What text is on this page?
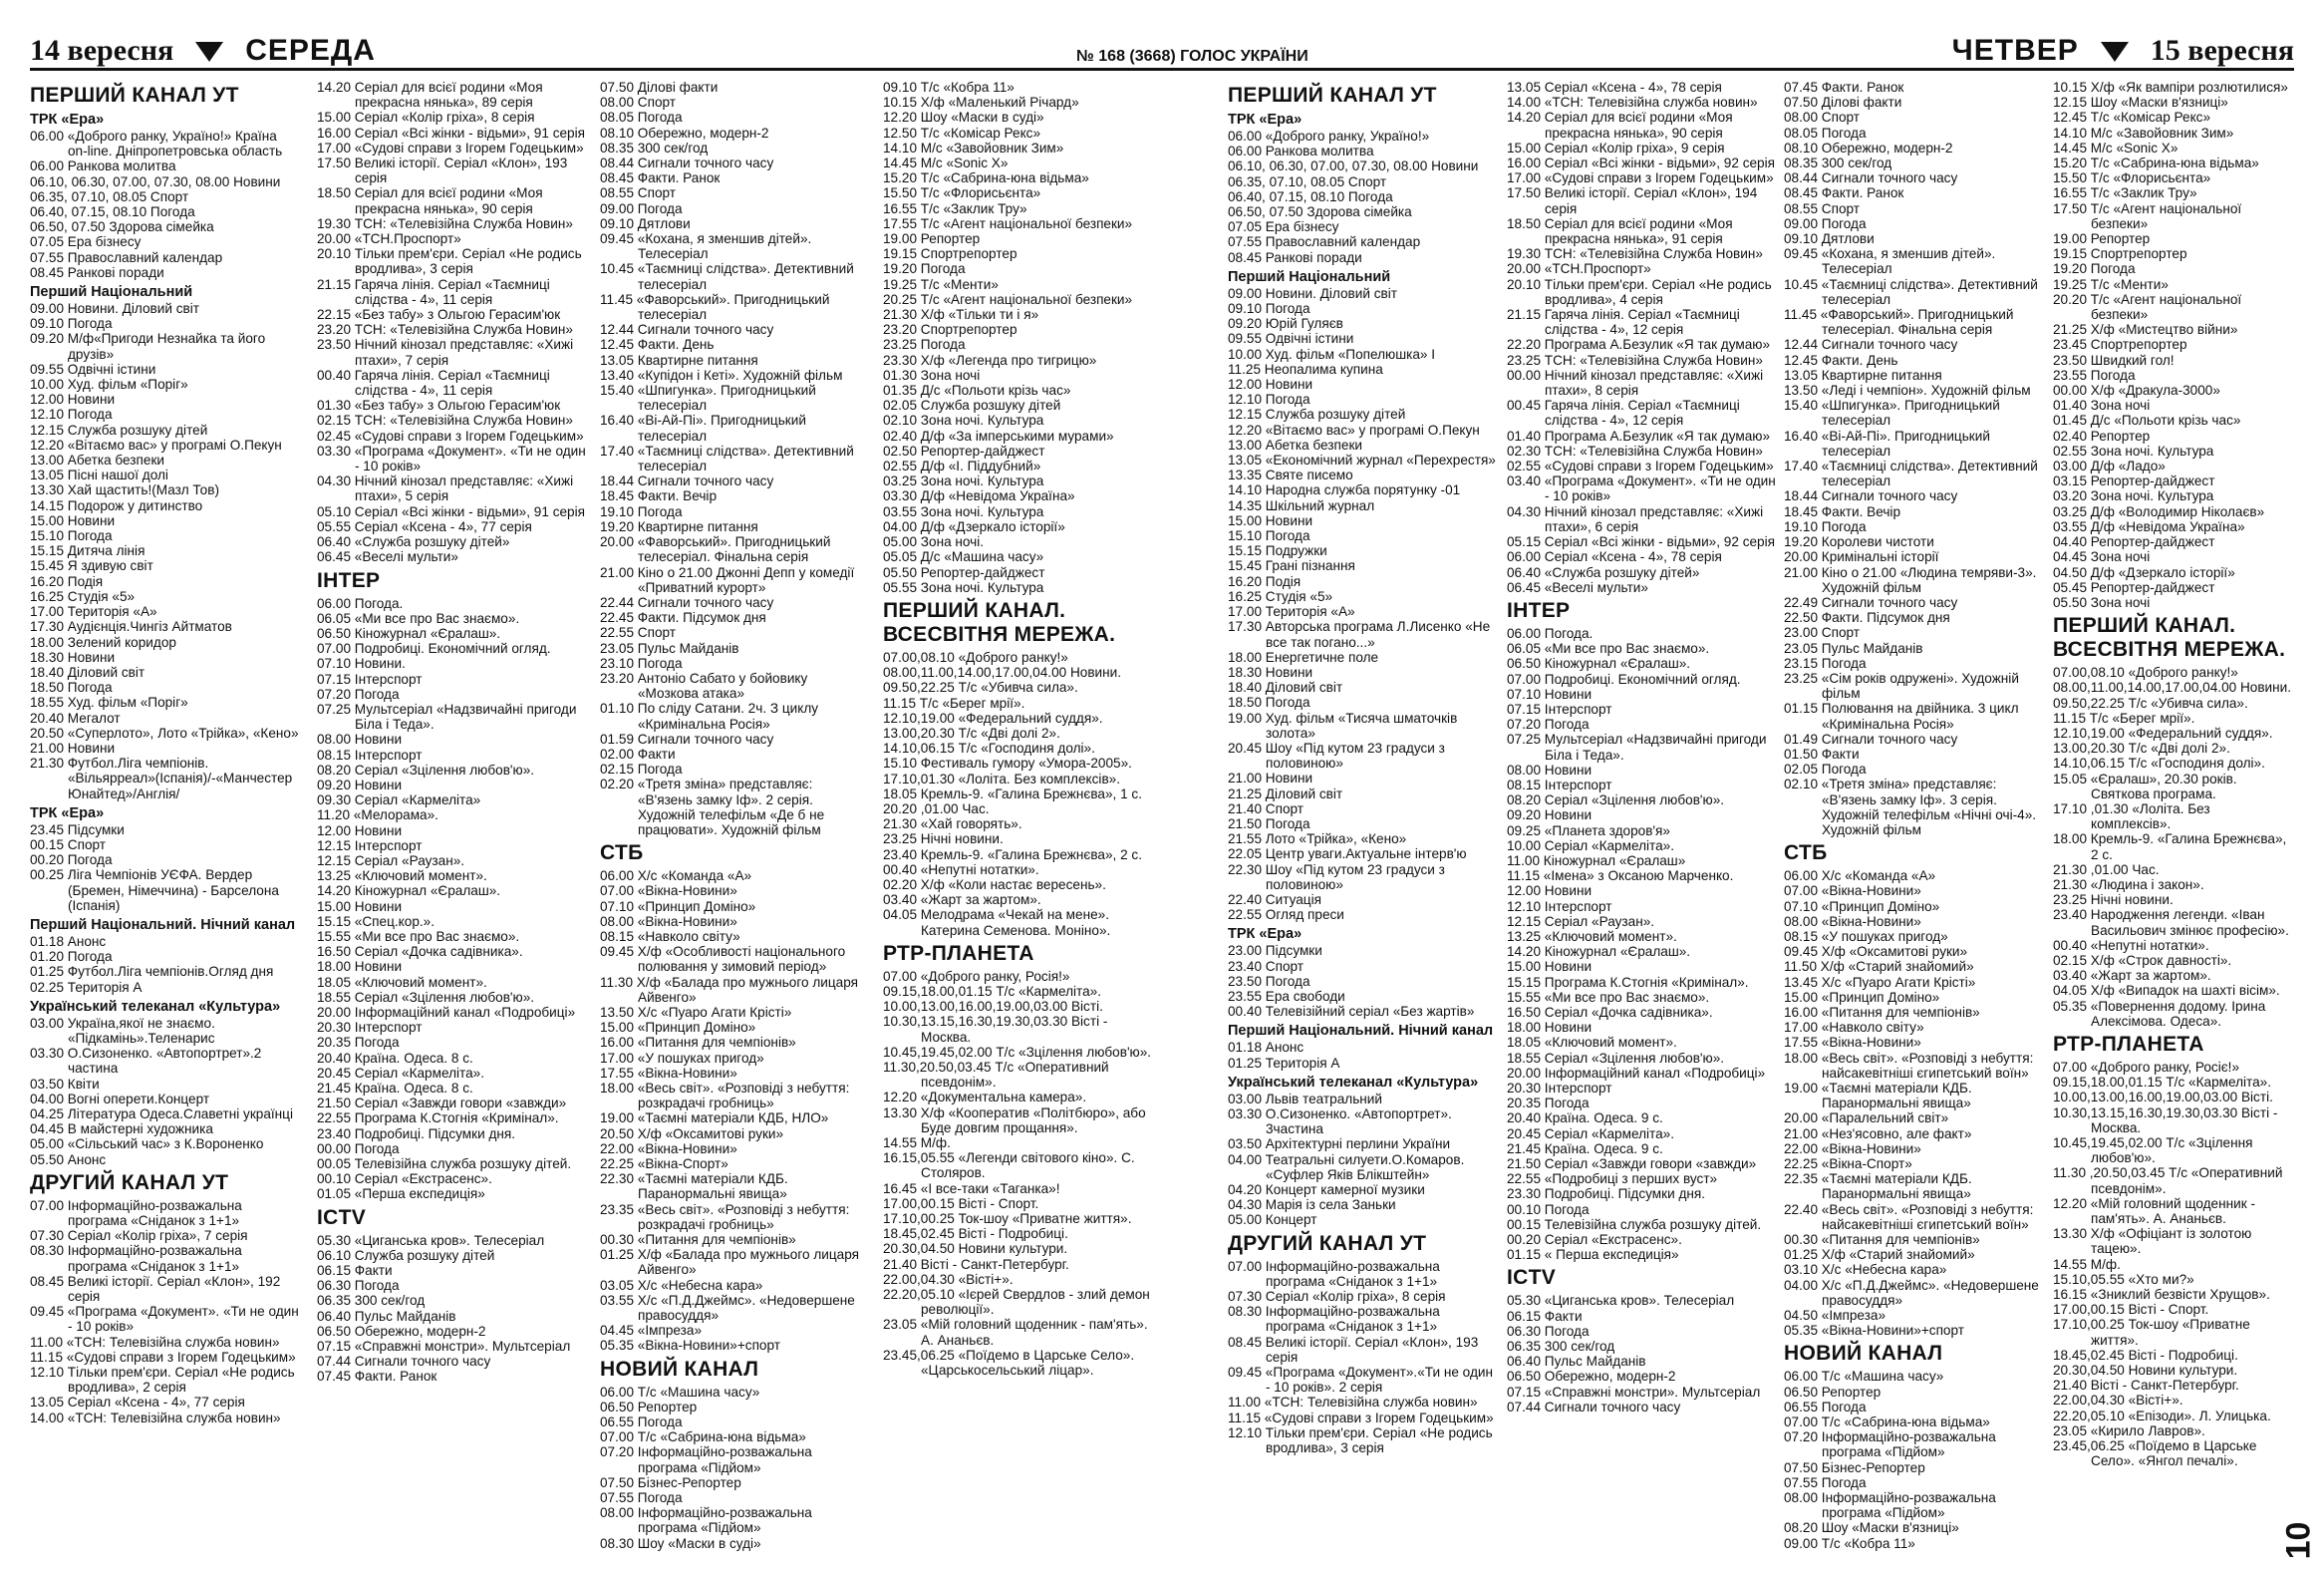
14 вересня СЕРЕДА	№ 168 (3668) ГОЛОС УКРАЇНИ	ЧЕТВЕР 15 вересня
ПЕРШИЙ КАНАЛ УТ
ТРК «Ера»
06.00 «Доброго ранку, Україно!» Країна on-line. Дніпропетровська область
06.00 Ранкова молитва
06.10, 06.30, 07.00, 07.30, 08.00 Новини
06.35, 07.10, 08.05 Спорт
06.40, 07.15, 08.10 Погода
06.50, 07.50 Здорова сімейка
07.05 Ера бізнесу
07.55 Православний календар
08.45 Ранкові поради
Перший Національний
09.00 Новини. Діловий світ
09.10 Погода
09.20 М/ф«Пригоди Незнайка та його друзів»
09.55 Одвічні істини
10.00 Худ. фільм «Поріг»
12.00 Новини
12.10 Погода
12.15 Служба розшуку дітей
12.20 «Вітаємо вас» у програмі О.Пекун
13.00 Абетка безпеки
13.05 Пісні нашої долі
13.30 Хай щастить!(Мазл Тов)
14.15 Подорож у дитинство
15.00 Новини
15.10 Погода
15.15 Дитяча лінія
15.45 Я здивую світ
16.20 Подія
16.25 Студія «5»
17.00 Територія «А»
17.30 Аудієнція.Чингіз Айтматов
18.00 Зелений коридор
18.30 Новини
18.40 Діловий світ
18.50 Погода
18.55 Худ. фільм «Поріг»
20.40 Мегалот
20.50 «Суперлото», Лото «Трійка», «Кено»
21.00 Новини
21.30 Футбол.Ліга чемпіонів. «Вільярреал»(Іспанія)/-«Манчестер Юнайтед»/Англія/
ТРК «Ера»
23.45 Підсумки
00.15 Спорт
00.20 Погода
00.25 Ліга Чемпіонів УЄФА. Вердер (Бремен, Німеччина) - Барселона (Іспанія)
Перший Національний. Нічний канал
01.18 Анонс
01.20 Погода
01.25 Футбол.Ліга чемпіонів.Огляд дня
02.25 Територія А
Український телеканал «Культура»
03.00 Україна,якої не знаємо. «Підкамінь».Теленарис
03.30 О.Сизоненко. «Автопортрет».2 частина
03.50 Квіти
04.00 Вогні оперети.Концерт
04.25 Література Одеса.Славетні українці
04.45 В майстерні художника
05.00 «Сільський час» з К.Вороненко
05.50 Анонс
ДРУГИЙ КАНАЛ УТ
07.00 Інформаційно-розважальна програма «Сніданок з 1+1»
07.30 Серіал «Колір гріха», 7 серія
08.30 Інформаційно-розважальна програма «Сніданок з 1+1»
08.45 Великі історії. Серіал «Клон», 192 серія
09.45 «Програма «Документ». «Ти не один - 10 років»
11.00 «ТСН: Телевізійна служба новин»
11.15 «Судові справи з Ігорем Годецьким»
12.10 Тільки прем'єри. Серіал «Не родись вродлива», 2 серія
13.05 Серіал «Ксена - 4», 77 серія
14.00 «ТСН: Телевізійна служба новин»
14.20 Серіал для всієї родини «Моя прекрасна нянька», 89 серія
15.00 Серіал «Колір гріха», 8 серія
16.00 Серіал «Всі жінки - відьми», 91 серія
17.00 «Судові справи з Ігорем Годецьким»
17.50 Великі історії. Серіал «Клон», 193 серія
18.50 Серіал для всієї родини «Моя прекрасна нянька», 90 серія
19.30 ТСН: «Телевізійна Служба Новин»
20.00 «ТСН.Проспорт»
20.10 Тільки прем'єри. Серіал «Не родись вродлива», 3 серія
21.15 Гаряча лінія. Серіал «Таємниці слідства - 4», 11 серія
22.15 «Без табу» з Ольгою Герасим'юк
23.20 ТСН: «Телевізійна Служба Новин»
23.50 Нічний кінозал представляє: «Хижі птахи», 7 серія
00.40 Гаряча лінія. Серіал «Таємниці слідства - 4», 11 серія
01.30 «Без табу» з Ольгою Герасим'юк
02.15 ТСН: «Телевізійна Служба Новин»
02.45 «Судові справи з Ігорем Годецьким»
03.30 «Програма «Документ». «Ти не один - 10 років»
04.30 Нічний кінозал представляє: «Хижі птахи», 5 серія
05.10 Серіал «Всі жінки - відьми», 91 серія
05.55 Серіал «Ксена - 4», 77 серія
06.40 «Служба розшуку дітей»
06.45 «Веселі мульти»
ІНТЕР
06.00 Погода.
06.05 «Ми все про Вас знаємо».
06.50 Кіножурнал «Єралаш».
07.00 Подробиці. Економічний огляд.
07.10 Новини.
07.15 Інтерспорт
07.20 Погода
07.25 Мультсеріал «Надзвичайні пригоди Біла і Теда».
08.00 Новини
08.15 Інтерспорт
08.20 Серіал «Зцілення любов'ю».
09.20 Новини
09.30 Серіал «Кармеліта»
11.20 «Мелорама».
12.00 Новини
12.15 Інтерспорт
12.15 Серіал «Раузан».
13.25 «Ключовий момент».
14.20 Кіножурнал «Єралаш».
15.00 Новини
15.15 «Спец.кор.».
15.55 «Ми все про Вас знаємо».
16.50 Серіал «Дочка садівника».
18.00 Новини
18.05 «Ключовий момент».
18.55 Серіал «Зцілення любов'ю».
20.00 Інформаційний канал «Подробиці»
20.30 Інтерспорт
20.35 Погода
20.40 Країна. Одеса. 8 с.
20.45 Серіал «Кармеліта».
21.45 Країна. Одеса. 8 с.
21.50 Серіал «Завжди говори «завжди»
22.55 Програма К.Стогнія «Кримінал».
23.40 Подробиці. Підсумки дня.
00.00 Погода
00.05 Телевізійна служба розшуку дітей.
00.10 Серіал «Екстрасенс».
01.05 «Перша експедиція»
ICTV
05.30 «Циганська кров». Телесеріал
06.10 Служба розшуку дітей
06.15 Факти
06.30 Погода
06.35 300 сек/год
06.40 Пульс Майданів
06.50 Обережно, модерн-2
07.15 «Справжні монстри». Мультсеріал
07.44 Сигнали точного часу
07.45 Факти. Ранок
07.50 Ділові факти
08.00 Спорт
08.05 Погода
08.10 Обережно, модерн-2
08.35 300 сек/год
08.44 Сигнали точного часу
08.45 Факти. Ранок
08.55 Спорт
09.00 Погода
09.10 Дятлови
09.45 «Кохана, я зменшив дітей». Телесеріал
10.45 «Таємниці слідства». Детективний телесеріал
11.45 «Фаворський». Пригодницький телесеріал
12.44 Сигнали точного часу
12.45 Факти. День
13.05 Квартирне питання
13.40 «Купідон і Кеті». Художній фільм
15.40 «Шпигунка». Пригодницький телесеріал
16.40 «Ві-Ай-Пі». Пригодницький телесеріал
17.40 «Таємниці слідства». Детективний телесеріал
18.44 Сигнали точного часу
18.45 Факти. Вечір
19.10 Погода
19.20 Квартирне питання
20.00 «Фаворський». Пригодницький телесеріал. Фінальна серія
21.00 Кіно о 21.00 Джонні Депп у комедії «Приватний курорт»
22.44 Сигнали точного часу
22.45 Факти. Підсумок дня
22.55 Спорт
23.05 Пульс Майданів
23.10 Погода
23.20 Антоніо Сабато у бойовику «Мозкова атака»
01.10 По сліду Сатани. 2ч. З циклу «Кримінальна Росія»
01.59 Сигнали точного часу
02.00 Факти
02.15 Погода
02.20 «Третя зміна» представляє: «В'язень замку Іф». 2 серія. Художній телефільм «Де б не працювати». Художній фільм
СТБ
06.00 Х/с «Команда «А»
07.00 «Вікна-Новини»
07.10 «Принцип Доміно»
08.00 «Вікна-Новини»
08.15 «Навколо світу»
09.45 Х/ф «Особливості національного полювання у зимовий період»
11.30 Х/ф «Балада про мужнього лицаря Айвенго»
13.50 Х/с «Пуаро Агати Крісті»
15.00 «Принцип Доміно»
16.00 «Питання для чемпіонів»
17.00 «У пошуках пригод»
17.55 «Вікна-Новини»
18.00 «Весь світ». «Розповіді з небуття: розкрадачі гробниць»
19.00 «Таємні матеріали КДБ, НЛО»
20.50 Х/ф «Оксамитові руки»
22.00 «Вікна-Новини»
22.25 «Вікна-Спорт»
22.30 «Таємні матеріали КДБ. Паранормальні явища»
23.35 «Весь світ». «Розповіді з небуття: розкрадачі гробниць»
00.30 «Питання для чемпіонів»
01.25 Х/ф «Балада про мужнього лицаря Айвенго»
03.05 Х/с «Небесна кара»
03.55 Х/с «П.Д.Джеймс». «Недовершене правосуддя»
04.45 «Імпреза»
05.35 «Вікна-Новини»+спорт
НОВИЙ КАНАЛ
06.00 Т/с «Машина часу»
06.50 Репортер
06.55 Погода
07.00 Т/с «Сабрина-юна відьма»
07.20 Інформаційно-розважальна програма «Підйом»
07.50 Бізнес-Репортер
07.55 Погода
08.00 Інформаційно-розважальна програма «Підйом»
08.30 Шоу «Маски в суді»
09.10 Т/с «Кобра 11»
10.15 Х/ф «Маленький Річард»
12.20 Шоу «Маски в суді»
12.50 Т/с «Комісар Рекс»
14.10 М/с «Завойовник Зим»
14.45 М/с «Sonic X»
15.20 Т/с «Сабрина-юна відьма»
15.50 Т/с «Флорисьєнта»
16.55 Т/с «Заклик Тру»
17.55 Т/с «Агент національної безпеки»
19.00 Репортер
19.15 Спортрепортер
19.20 Погода
19.25 Т/с «Менти»
20.25 Т/с «Агент національної безпеки»
21.30 Х/ф «Тільки ти і я»
23.20 Спортрепортер
23.25 Погода
23.30 Х/ф «Легенда про тигрицю»
01.30 Зона ночі
01.35 Д/с «Польоти крізь час»
02.05 Служба розшуку дітей
02.10 Зона ночі. Культура
02.40 Д/ф «За імперськими мурами»
02.50 Репортер-дайджест
02.55 Д/ф «І. Піддубний»
03.25 Зона ночі. Культура
03.30 Д/ф «Невідома Україна»
03.55 Зона ночі. Культура
04.00 Д/ф «Дзеркало історії»
05.00 Зона ночі.
05.05 Д/с «Машина часу»
05.50 Репортер-дайджест
05.55 Зона ночі. Культура
ПЕРШИЙ КАНАЛ. ВСЕСВІТНЯ МЕРЕЖА.
07.00,08.10 «Доброго ранку!»
08.00,11.00,14.00,17.00,04.00 Новини.
09.50,22.25 Т/с «Убивча сила».
11.15 Т/с «Берег мрії».
12.10,19.00 «Федеральний суддя».
13.00,20.30 Т/с «Дві долі 2».
14.10,06.15 Т/с «Господиня долі».
15.10 Фестиваль гумору «Умора-2005».
17.10,01.30 «Лоліта. Без комплексів».
18.05 Кремль-9. «Галина Брежнєва», 1 с.
20.20 ,01.00 Час.
21.30 «Хай говорять».
23.25 Нічні новини.
23.40 Кремль-9. «Галина Брежнєва», 2 с.
00.40 «Непутні нотатки».
02.20 Х/ф «Коли настає вересень».
03.40 «Жарт за жартом».
04.05 Мелодрама «Чекай на мене». Катерина Семенова. Моніно».
РТР-ПЛАНЕТА
07.00 «Доброго ранку, Росія!»
09.15,18.00,01.15 Т/с «Кармеліта».
10.00,13.00,16.00,19.00,03.00 Вісті.
10.30,13.15,16.30,19.30,03.30 Вісті - Москва.
10.45,19.45,02.00 Т/с «Зцілення любов'ю».
11.30,20.50,03.45 Т/с «Оперативний псевдонім».
12.20 «Документальна камера».
13.30 Х/ф «Кооператив «Політбюро», або Буде довгим прощання».
14.55 М/ф.
16.15,05.55 «Легенди світового кіно». С. Столяров.
16.45 «І все-таки «Таганка»!
17.00,00.15 Вісті - Спорт.
17.10,00.25 Ток-шоу «Приватне життя».
18.45,02.45 Вісті - Подробиці.
20.30,04.50 Новини культури.
21.40 Вісті - Санкт-Петербург.
22.00,04.30 «Вісті+».
22.20,05.10 «Ієрей Свердлов - злий демон революції».
23.05 «Мій головний щоденник - пам'ять». А. Ананьєв.
23.45,06.25 «Поїдемо в Царське Село». «Царськосельський ліцар».
ПЕРШИЙ КАНАЛ УТ
ТРК «Ера»
06.00 «Доброго ранку, Україно!»
06.00 Ранкова молитва
06.10, 06.30, 07.00, 07.30, 08.00 Новини
06.35, 07.10, 08.05 Спорт
06.40, 07.15, 08.10 Погода
06.50, 07.50 Здорова сімейка
07.05 Ера бізнесу
07.55 Православний календар
08.45 Ранкові поради
Перший Національний
09.00 Новини. Діловий світ
09.10 Погода
09.20 Юрій Гуляєв
09.55 Одвічні істини
10.00 Худ. фільм «Попелюшка» І
11.25 Неопалима купина
12.00 Новини
12.10 Погода
12.15 Служба розшуку дітей
12.20 «Вітаємо вас» у програмі О.Пекун
13.00 Абетка безпеки
13.05 «Економічний журнал «Перехрестя»
13.35 Святе писемо
14.10 Народна служба порятунку -01
14.35 Шкільний журнал
15.00 Новини
15.10 Погода
15.15 Подружки
15.45 Грані пізнання
16.20 Подія
16.25 Студія «5»
17.00 Територія «А»
17.30 Авторська програма Л.Лисенко «Не все так погано...»
18.00 Енергетичне поле
18.30 Новини
18.40 Діловий світ
18.50 Погода
19.00 Худ. фільм «Тисяча шматочків золота»
20.45 Шоу «Під кутом 23 градуси з половиною»
21.00 Новини
21.25 Діловий світ
21.40 Спорт
21.50 Погода
21.55 Лото «Трійка», «Кено»
22.05 Центр уваги.Актуальне інтерв'ю
22.30 Шоу «Під кутом 23 градуси з половиною»
22.40 Ситуація
22.55 Огляд преси
ТРК «Ера»
23.00 Підсумки
23.40 Спорт
23.50 Погода
23.55 Ера свободи
00.40 Телевізійний серіал «Без жартів»
Перший Національний. Нічний канал
01.18 Анонс
01.25 Територія А
Український телеканал «Культура»
03.00 Львів театральний
03.30 О.Сизоненко. «Автопортрет». 3частина
03.50 Архітектурні перлини України
04.00 Театральні силуети.О.Комаров. «Суфлер Яків Блікштейн»
04.20 Концерт камерної музики
04.30 Марія із села Заньки
05.00 Концерт
ДРУГИЙ КАНАЛ УТ
07.00 Інформаційно-розважальна програма «Сніданок з 1+1»
07.30 Серіал «Колір гріха», 8 серія
08.30 Інформаційно-розважальна програма «Сніданок з 1+1»
08.45 Великі історії. Серіал «Клон», 193 серія
09.45 «Програма «Документ».«Ти не один - 10 років». 2 серія
11.00 «ТСН: Телевізійна служба новин»
11.15 «Судові справи з Ігорем Годецьким»
12.10 Тільки прем'єри. Серіал «Не родись вродлива», 3 серія
13.05 Серіал «Ксена - 4», 78 серія
14.00 «ТСН: Телевізійна служба новин»
14.20 Серіал для всієї родини «Моя прекрасна нянька», 90 серія
15.00 Серіал «Колір гріха», 9 серія
16.00 Серіал «Всі жінки - відьми», 92 серія
17.00 «Судові справи з Ігорем Годецьким»
17.50 Великі історії. Серіал «Клон», 194 серія
18.50 Серіал для всієї родини «Моя прекрасна нянька», 91 серія
19.30 ТСН: «Телевізійна Служба Новин»
20.00 «ТСН.Проспорт»
20.10 Тільки прем'єри. Серіал «Не родись вродлива», 4 серія
21.15 Гаряча лінія. Серіал «Таємниці слідства - 4», 12 серія
22.20 Програма А.Безулик «Я так думаю»
23.25 ТСН: «Телевізійна Служба Новин»
00.00 Нічний кінозал представляє: «Хижі птахи», 8 серія
00.45 Гаряча лінія. Серіал «Таємниці слідства - 4», 12 серія
01.40 Програма А.Безулик «Я так думаю»
02.30 ТСН: «Телевізійна Служба Новин»
02.55 «Судові справи з Ігорем Годецьким»
03.40 «Програма «Документ». «Ти не один - 10 років»
04.30 Нічний кінозал представляє: «Хижі птахи», 6 серія
05.15 Серіал «Всі жінки - відьми», 92 серія
06.00 Серіал «Ксена - 4», 78 серія
06.40 «Служба розшуку дітей»
06.45 «Веселі мульти»
ІНТЕР
06.00 Погода.
06.05 «Ми все про Вас знаємо».
06.50 Кіножурнал «Єралаш».
07.00 Подробиці. Економічний огляд.
07.10 Новини
07.15 Інтерспорт
07.20 Погода
07.25 Мультсеріал «Надзвичайні пригоди Біла і Теда».
08.00 Новини
08.15 Інтерспорт
08.20 Серіал «Зцілення любов'ю».
09.20 Новини
09.25 «Планета здоров'я»
10.00 Серіал «Кармеліта».
11.00 Кіножурнал «Єралаш»
11.15 «Імена» з Оксаною Марченко.
12.00 Новини
12.10 Інтерспорт
12.15 Серіал «Раузан».
13.25 «Ключовий момент».
14.20 Кіножурнал «Єралаш».
15.00 Новини
15.15 Програма К.Стогнія «Кримінал».
15.55 «Ми все про Вас знаємо».
16.50 Серіал «Дочка садівника».
18.00 Новини
18.05 «Ключовий момент».
18.55 Серіал «Зцілення любов'ю».
20.00 Інформаційний канал «Подробиці»
20.30 Інтерспорт
20.35 Погода
20.40 Країна. Одеса. 9 с.
20.45 Серіал «Кармеліта».
21.45 Країна. Одеса. 9 с.
21.50 Серіал «Завжди говори «завжди»
22.55 «Подробиці з перших вуст»
23.30 Подробиці. Підсумки дня.
00.10 Погода
00.15 Телевізійна служба розшуку дітей.
00.20 Серіал «Екстрасенс».
01.15 « Перша експедиція»
ICTV
05.30 «Циганська кров». Телесеріал
06.15 Факти
06.30 Погода
06.35 300 сек/год
06.40 Пульс Майданів
06.50 Обережно, модерн-2
07.15 «Справжні монстри». Мультсеріал
07.44 Сигнали точного часу
07.45 Факти. Ранок
07.50 Ділові факти
08.00 Спорт
08.05 Погода
08.10 Обережно, модерн-2
08.35 300 сек/год
08.44 Сигнали точного часу
08.45 Факти. Ранок
08.55 Спорт
09.00 Погода
09.10 Дятлови
09.45 «Кохана, я зменшив дітей». Телесеріал
10.45 «Таємниці слідства». Детективний телесеріал
11.45 «Фаворський». Пригодницький телесеріал. Фінальна серія
12.44 Сигнали точного часу
12.45 Факти. День
13.05 Квартирне питання
13.50 «Леді і чемпіон». Художній фільм
15.40 «Шпигунка». Пригодницький телесеріал
16.40 «Ві-Ай-Пі». Пригодницький телесеріал
17.40 «Таємниці слідства». Детективний телесеріал
18.44 Сигнали точного часу
18.45 Факти. Вечір
19.10 Погода
19.20 Королеви чистоти
20.00 Кримінальні історії
21.00 Кіно о 21.00 «Людина темряви-3». Художній фільм
22.49 Сигнали точного часу
22.50 Факти. Підсумок дня
23.00 Спорт
23.05 Пульс Майданів
23.15 Погода
23.25 «Сім років одружені». Художній фільм
01.15 Полювання на двійника. 3 цикл «Кримінальна Росія»
01.49 Сигнали точного часу
01.50 Факти
02.05 Погода
02.10 «Третя зміна» представляє: «В'язень замку Іф». 3 серія. Художній телефільм «Нічні очі-4». Художній фільм
СТБ
06.00 Х/с «Команда «А»
07.00 «Вікна-Новини»
07.10 «Принцип Доміно»
08.00 «Вікна-Новини»
08.15 «У пошуках пригод»
09.45 Х/ф «Оксамитові руки»
11.50 Х/ф «Старий знайомий»
13.45 Х/с «Пуаро Агати Крісті»
15.00 «Принцип Доміно»
16.00 «Питання для чемпіонів»
17.00 «Навколо світу»
17.55 «Вікна-Новини»
18.00 «Весь світ». «Розповіді з небуття: найсакевітніші єгипетський воїн»
19.00 «Таємні матеріали КДБ. Паранормальні явища»
20.00 «Паралельний світ»
21.00 «Нез'ясовно, але факт»
22.00 «Вікна-Новини»
22.25 «Вікна-Спорт»
22.35 «Таємні матеріали КДБ. Паранормальні явища»
22.40 «Весь світ». «Розповіді з небуття: найсакевітніші єгипетський воїн»
00.30 «Питання для чемпіонів»
01.25 Х/ф «Старий знайомий»
03.10 Х/с «Небесна кара»
04.00 Х/с «П.Д.Джеймс». «Недовершене правосуддя»
04.50 «Імпреза»
05.35 «Вікна-Новини»+спорт
НОВИЙ КАНАЛ
06.00 Т/с «Машина часу»
06.50 Репортер
06.55 Погода
07.00 Т/с «Сабрина-юна відьма»
07.20 Інформаційно-розважальна програма «Підйом»
07.50 Бізнес-Репортер
07.55 Погода
08.00 Інформаційно-розважальна програма «Підйом»
08.20 Шоу «Маски в'язниці»
09.00 Т/с «Кобра 11»
10.15 Х/ф «Як вампіри розлютилися»
12.15 Шоу «Маски в'язниці»
12.45 Т/с «Комісар Рекс»
14.10 М/с «Завойовник Зим»
14.45 М/с «Sonic X»
15.20 Т/с «Сабрина-юна відьма»
15.50 Т/с «Флорисьєнта»
16.55 Т/с «Заклик Тру»
17.50 Т/с «Агент національної безпеки»
19.00 Репортер
19.15 Спортрепортер
19.20 Погода
19.25 Т/с «Менти»
20.20 Т/с «Агент національної безпеки»
21.25 Х/ф «Мистецтво війни»
23.45 Спортрепортер
23.50 Швидкий гол!
23.55 Погода
00.00 Х/ф «Дракула-3000»
01.40 Зона ночі
01.45 Д/с «Польоти крізь час»
02.40 Репортер
02.55 Зона ночі. Культура
03.00 Д/ф «Ладо»
03.15 Репортер-дайджест
03.20 Зона ночі. Культура
03.25 Д/ф «Володимир Ніколаєв»
03.55 Д/ф «Невідома Україна»
04.40 Репортер-дайджест
04.45 Зона ночі
04.50 Д/ф «Дзеркало історії»
05.45 Репортер-дайджест
05.50 Зона ночі
ПЕРШИЙ КАНАЛ. ВСЕСВІТНЯ МЕРЕЖА.
07.00,08.10 «Доброго ранку!»
08.00,11.00,14.00,17.00,04.00 Новини.
09.50,22.25 Т/с «Убивча сила».
11.15 Т/с «Берег мрії».
12.10,19.00 «Федеральний суддя».
13.00,20.30 Т/с «Дві долі 2».
14.10,06.15 Т/с «Господиня долі».
15.05 «Єралаш», 20.30 років. Святкова програма.
17.10 ,01.30 «Лоліта. Без комплексів».
18.00 Кремль-9. «Галина Брежнєва», 2 с.
21.30 ,01.00 Час.
21.30 «Людина і закон».
23.25 Нічні новини.
23.40 Народження легенди. «Іван Васильович змінює професію».
00.40 «Непутні нотатки».
02.15 Х/ф «Строк давності».
03.40 «Жарт за жартом».
04.05 Х/ф «Випадок на шахті вісім».
05.35 «Повернення додому. Ірина Алексімова. Одеса».
РТР-ПЛАНЕТА
07.00 «Доброго ранку, Росіє!»
09.15,18.00,01.15 Т/с «Кармеліта».
10.00,13.00,16.00,19.00,03.00 Вісті.
10.30,13.15,16.30,19.30,03.30 Вісті - Москва.
10.45,19.45,02.00 Т/с «Зцілення любов'ю».
11.30 ,20.50,03.45 Т/с «Оперативний псевдонім».
12.20 «Мій головний щоденник - пам'ять». А. Ананьєв.
13.30 Х/ф «Офіціант із золотою тацею».
14.55 М/ф.
15.10,05.55 «Хто ми?»
16.15 «Зниклий безвісти Хрущов».
17.00,00.15 Вісті - Спорт.
17.10,00.25 Ток-шоу «Приватне життя».
18.45,02.45 Вісті - Подробиці.
20.30,04.50 Новини культури.
21.40 Вісті - Санкт-Петербург.
22.00,04.30 «Вісті+».
22.20,05.10 «Епізоди». Л. Улицька.
23.05 «Кирило Лавров».
23.45,06.25 «Поїдемо в Царське Село». «Янгол печалі».
10
